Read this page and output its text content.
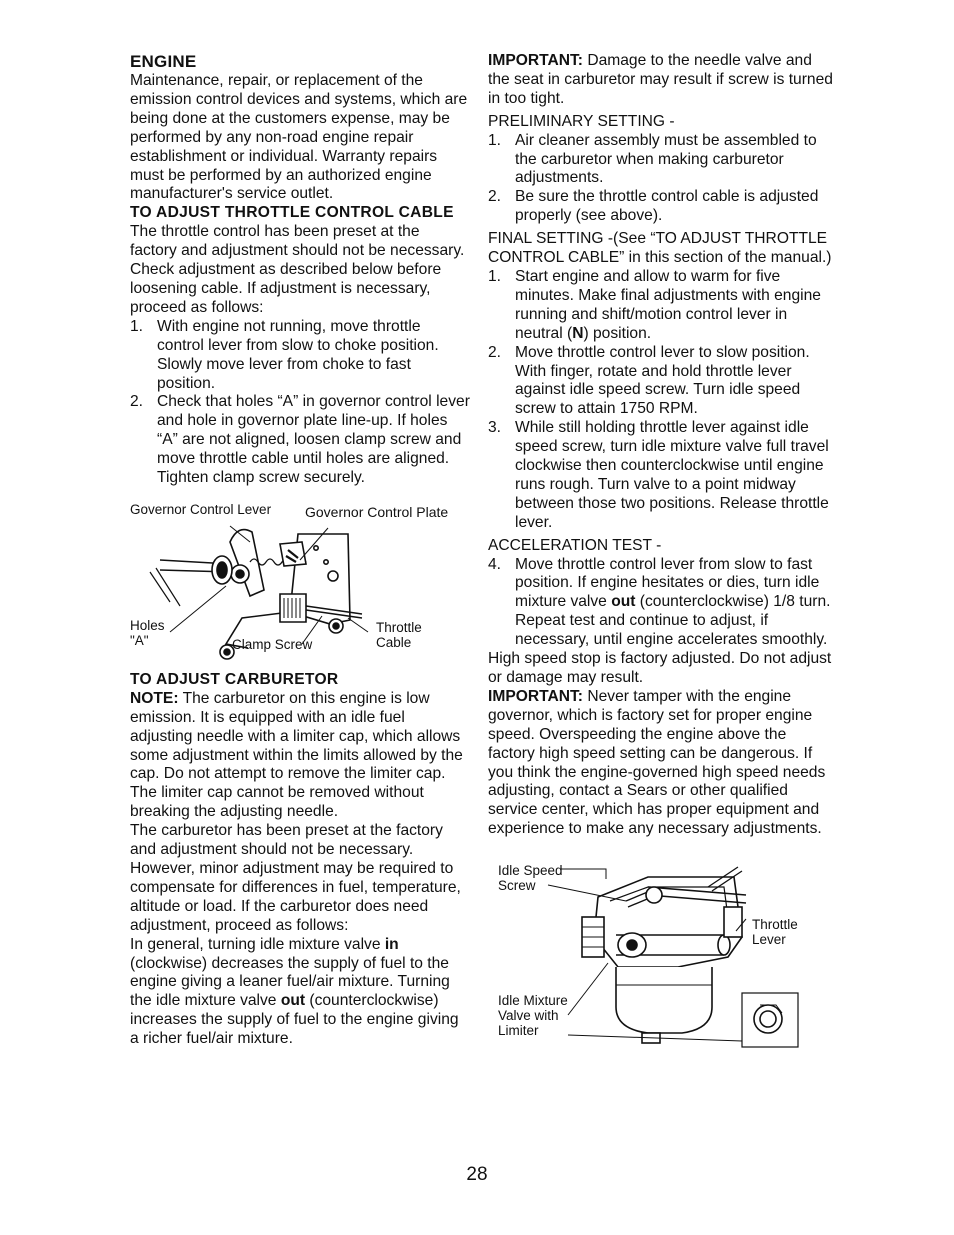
ENGINE

Maintenance, repair, or replacement of the emission control devices and systems, which are being done at the customers expense, may be performed by any non-road engine repair establishment or individual. Warranty repairs must be performed by an authorized engine manufacturer's service outlet.

TO ADJUST THROTTLE CONTROL CABLE

The throttle control has been preset at the factory and adjustment should not be necessary. Check adjustment as described below before loosening cable. If adjustment is necessary, proceed as follows:

1. With engine not running, move throttle control lever from slow to choke position. Slowly move lever from choke to fast position.
2. Check that holes “A” in governor control lever and hole in governor plate line-up. If holes “A” are not aligned, loosen clamp screw and move throttle cable until holes are aligned. Tighten clamp screw securely.
Governor Control Lever Governor Control Plate
Holes
"A"	Clamp Screw
Throttle
Cable
TO ADJUST CARBURETOR

NOTE: The carburetor on this engine is low emission. It is equipped with an idle fuel adjusting needle with a limiter cap, which allows some adjustment within the limits allowed by the cap. Do not attempt to remove the limiter cap. The limiter cap cannot be removed without breaking the adjusting needle.

The carburetor has been preset at the factory and adjustment should not be necessary. However, minor adjustment may be required to compensate for differences in fuel, temperature, altitude or load. If the carburetor does need adjustment, proceed as follows:

In general, turning idle mixture valve in (clockwise) decreases the supply of fuel to the engine giving a leaner fuel/air mixture. Turning the idle mixture valve out (counterclockwise) increases the supply of fuel to the engine giving a richer fuel/air mixture.

IMPORTANT: Damage to the needle valve and the seat in carburetor may result if screw is turned in too tight.

PRELIMINARY SETTING -

1. Air cleaner assembly must be assembled to the carburetor when making carburetor adjustments.
2. Be sure the throttle control cable is adjusted properly (see above).

FINAL SETTING -(See “TO ADJUST THROTTLE CONTROL CABLE” in this section of the manual.)

1. Start engine and allow to warm for five minutes. Make final adjustments with engine running and shift/motion control lever in neutral (N) position.
2. Move throttle control lever to slow position. With finger, rotate and hold throttle lever against idle speed screw. Turn idle speed screw to attain 1750 RPM.
3. While still holding throttle lever against idle speed screw, turn idle mixture valve full travel clockwise then counterclockwise until engine runs rough. Turn valve to a point midway between those two positions. Release throttle lever.

ACCELERATION TEST -

4. Move throttle control lever from slow to fast position. If engine hesitates or dies, turn idle mixture valve out (counterclockwise) 1/8 turn. Repeat test and continue to adjust, if necessary, until engine accelerates smoothly.

High speed stop is factory adjusted. Do not adjust or damage may result.

IMPORTANT: Never tamper with the engine governor, which is factory set for proper engine speed. Overspeeding the engine above the factory high speed setting can be dangerous. If you think the engine-governed high speed needs adjusting, contact a Sears or other qualified service center, which has proper equipment and experience to make any necessary adjustments.

Idle Speed
Screw
Throttle
Lever
Idle Mixture
Valve with
Limiter
28
